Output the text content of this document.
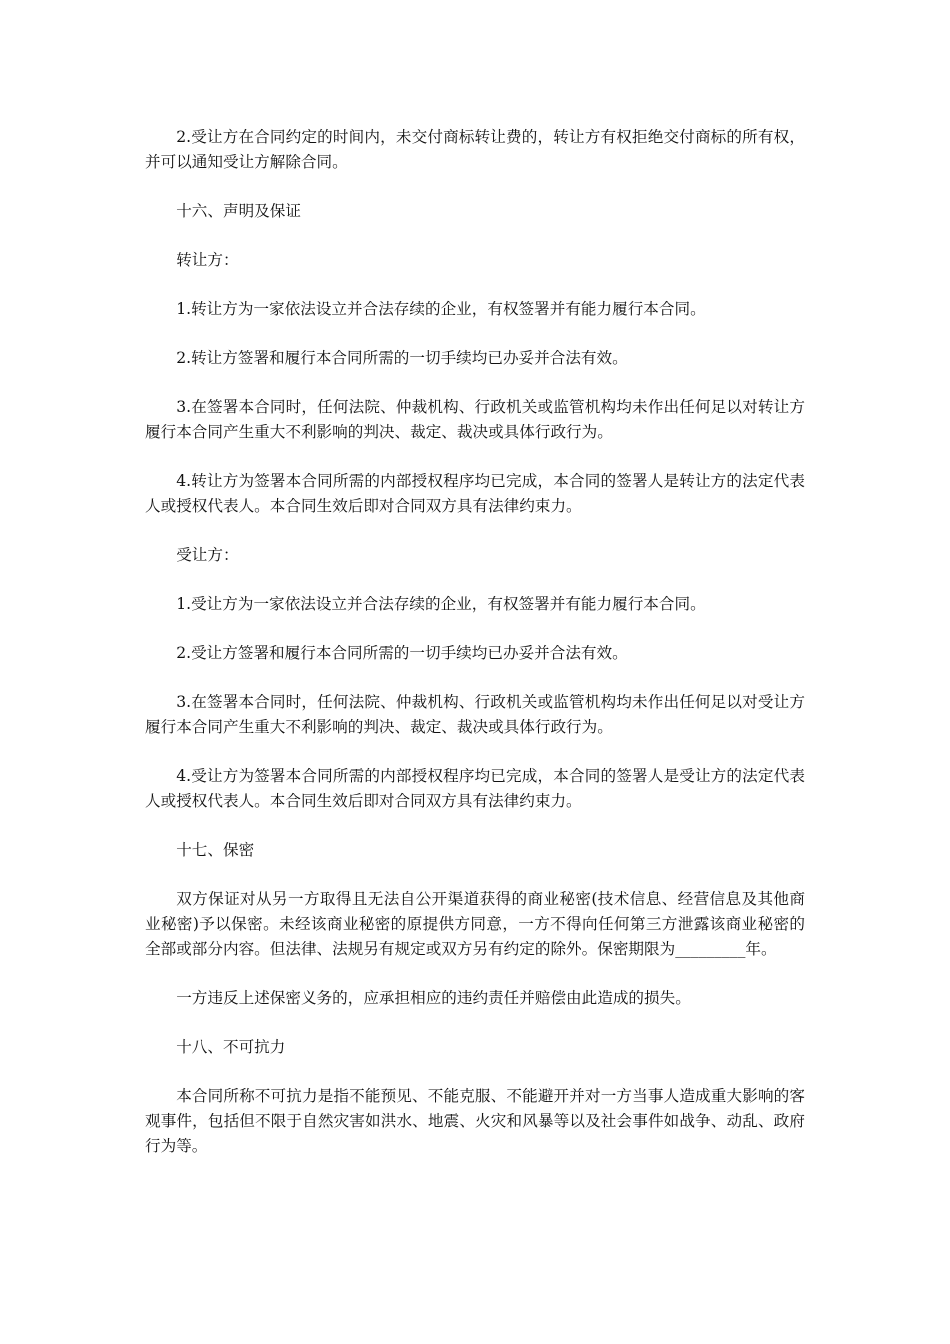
2.受让方在合同约定的时间内，未交付商标转让费的，转让方有权拒绝交付商标的所有权，并可以通知受让方解除合同。

十六、声明及保证

转让方：

1.转让方为一家依法设立并合法存续的企业，有权签署并有能力履行本合同。

2.转让方签署和履行本合同所需的一切手续均已办妥并合法有效。

3.在签署本合同时，任何法院、仲裁机构、行政机关或监管机构均未作出任何足以对转让方履行本合同产生重大不利影响的判决、裁定、裁决或具体行政行为。

4.转让方为签署本合同所需的内部授权程序均已完成，本合同的签署人是转让方的法定代表人或授权代表人。本合同生效后即对合同双方具有法律约束力。

受让方：

1.受让方为一家依法设立并合法存续的企业，有权签署并有能力履行本合同。

2.受让方签署和履行本合同所需的一切手续均已办妥并合法有效。

3.在签署本合同时，任何法院、仲裁机构、行政机关或监管机构均未作出任何足以对受让方履行本合同产生重大不利影响的判决、裁定、裁决或具体行政行为。

4.受让方为签署本合同所需的内部授权程序均已完成，本合同的签署人是受让方的法定代表人或授权代表人。本合同生效后即对合同双方具有法律约束力。

十七、保密

双方保证对从另一方取得且无法自公开渠道获得的商业秘密(技术信息、经营信息及其他商业秘密)予以保密。未经该商业秘密的原提供方同意，一方不得向任何第三方泄露该商业秘密的全部或部分内容。但法律、法规另有规定或双方另有约定的除外。保密期限为_________年。

一方违反上述保密义务的，应承担相应的违约责任并赔偿由此造成的损失。

十八、不可抗力

本合同所称不可抗力是指不能预见、不能克服、不能避开并对一方当事人造成重大影响的客观事件，包括但不限于自然灾害如洪水、地震、火灾和风暴等以及社会事件如战争、动乱、政府行为等。
